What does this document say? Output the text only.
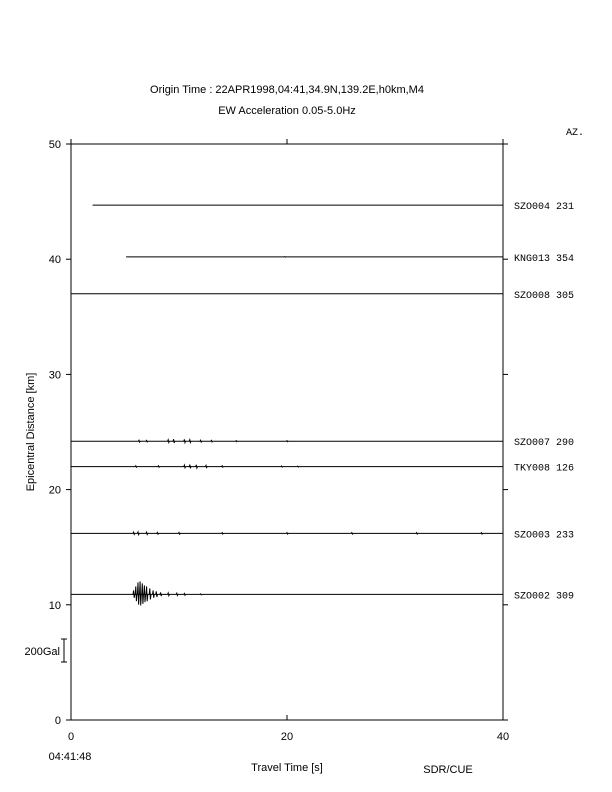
Origin Time : 22APR1998,04:41,34.9N,139.2E,h0km,M4
EW Acceleration 0.05-5.0Hz
AZ.
0	20	40
0
10
20
30
40
50
SZO004 231
KNG013 354
SZO008 305
SZO007 290
TKY008 126
SZO003 233
SZO002 309
Travel Time [s]
Epicentral Distance [km]
04:41:48
SDR/CUE
200Gal
